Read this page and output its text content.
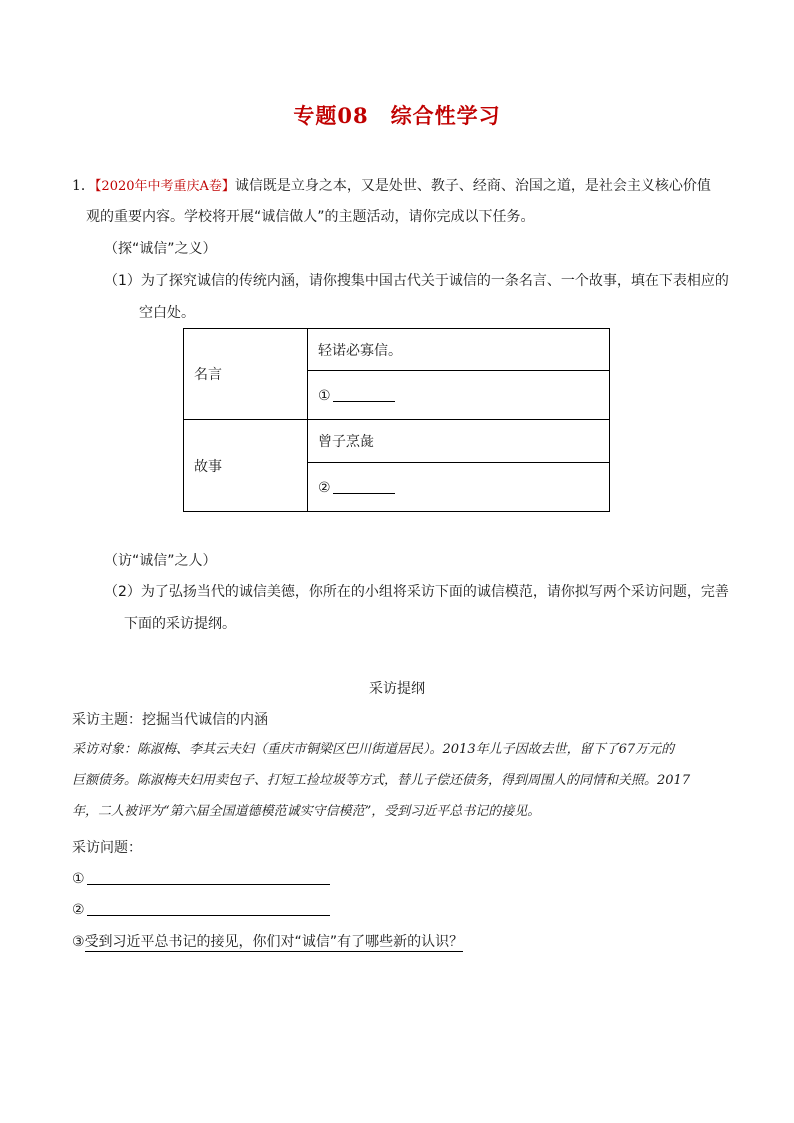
专题08　综合性学习
1．【2020年中考重庆A卷】诚信既是立身之本，又是处世、教子、经商、治国之道，是社会主义核心价值
观的重要内容。学校将开展“诚信做人”的主题活动，请你完成以下任务。
（探“诚信”之义）
（1）为了探究诚信的传统内涵，请你搜集中国古代关于诚信的一条名言、一个故事，填在下表相应的
空白处。
名言	轻诺必寡信。
	①
故事	曾子烹彘
	②
（访“诚信”之人）
（2）为了弘扬当代的诚信美德，你所在的小组将采访下面的诚信模范，请你拟写两个采访问题，完善
下面的采访提纲。
采访提纲
采访主题：挖掘当代诚信的内涵
采访对象：陈淑梅、李其云夫妇（重庆市铜梁区巴川街道居民）。2013年儿子因故去世，留下了67万元的
巨额债务。陈淑梅夫妇用卖包子、打短工捡垃圾等方式，替儿子偿还债务，得到周围人的同情和关照。2017
年，二人被评为“第六届全国道德模范诚实守信模范”，受到习近平总书记的接见。
采访问题：
①
②
③受到习近平总书记的接见，你们对“诚信”有了哪些新的认识？
